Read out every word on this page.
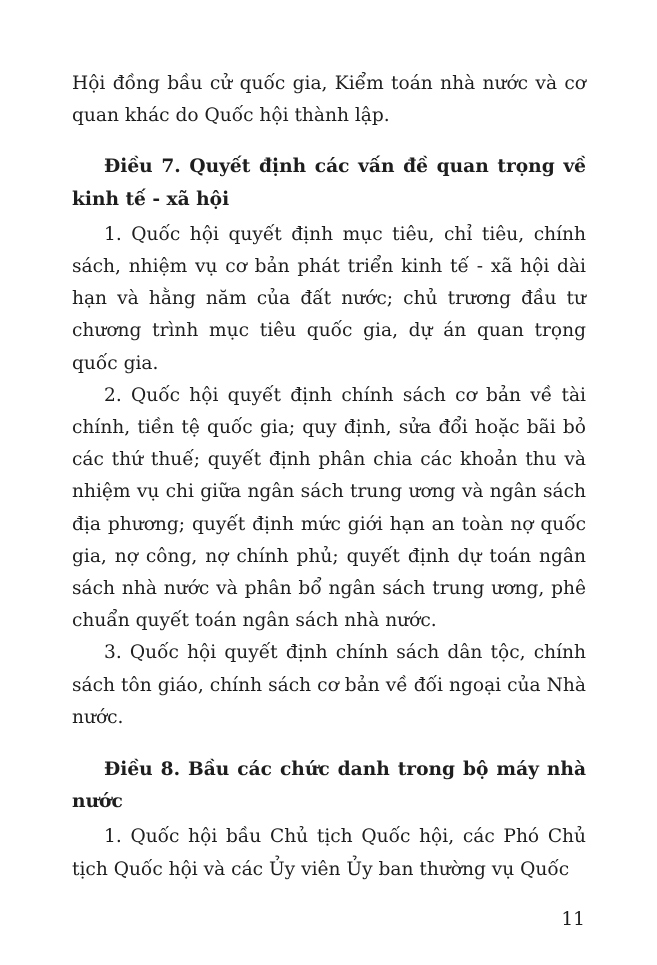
Hội đồng bầu cử quốc gia, Kiểm toán nhà nước và cơ quan khác do Quốc hội thành lập.

Điều 7. Quyết định các vấn đề quan trọng về kinh tế - xã hội

1. Quốc hội quyết định mục tiêu, chỉ tiêu, chính sách, nhiệm vụ cơ bản phát triển kinh tế - xã hội dài hạn và hằng năm của đất nước; chủ trương đầu tư chương trình mục tiêu quốc gia, dự án quan trọng quốc gia.

2. Quốc hội quyết định chính sách cơ bản về tài chính, tiền tệ quốc gia; quy định, sửa đổi hoặc bãi bỏ các thứ thuế; quyết định phân chia các khoản thu và nhiệm vụ chi giữa ngân sách trung ương và ngân sách địa phương; quyết định mức giới hạn an toàn nợ quốc gia, nợ công, nợ chính phủ; quyết định dự toán ngân sách nhà nước và phân bổ ngân sách trung ương, phê chuẩn quyết toán ngân sách nhà nước.

3. Quốc hội quyết định chính sách dân tộc, chính sách tôn giáo, chính sách cơ bản về đối ngoại của Nhà nước.

Điều 8. Bầu các chức danh trong bộ máy nhà nước

1. Quốc hội bầu Chủ tịch Quốc hội, các Phó Chủ tịch Quốc hội và các Ủy viên Ủy ban thường vụ Quốc

11
